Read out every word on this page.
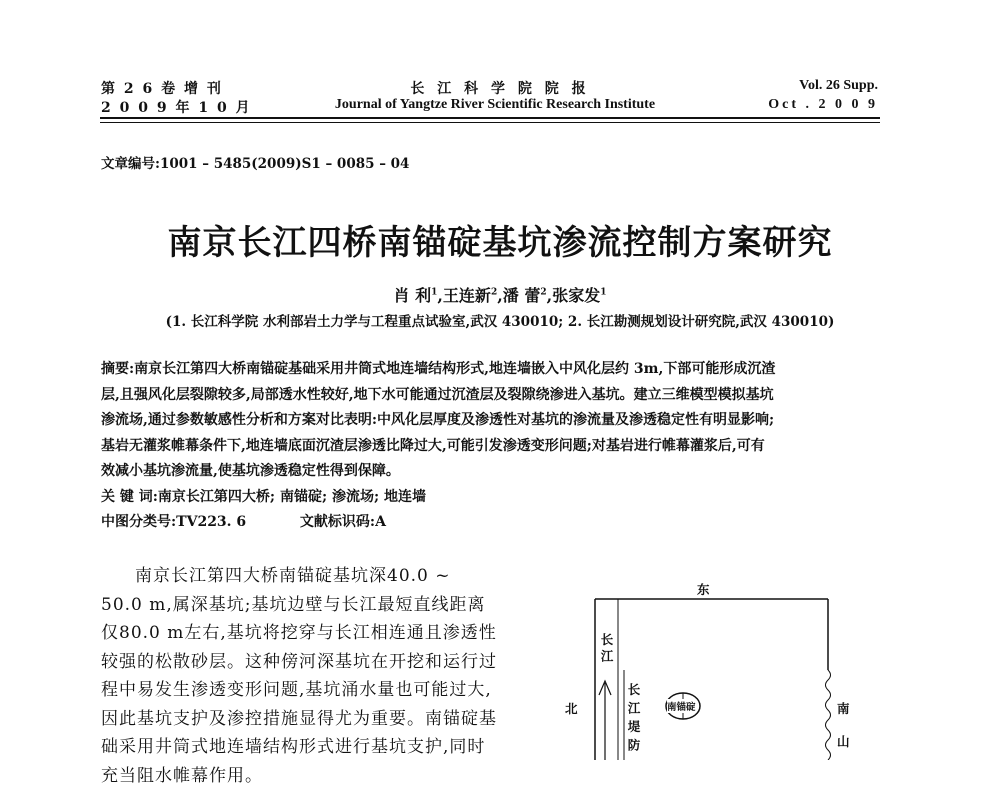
第 2 6 卷 增 刊
2 0 0 9 年 1 0 月
长 江 科 学 院 院 报
Journal of Yangtze River Scientific Research Institute
Vol. 26 Supp.
Oct . 2 0 0 9
文章编号:1001 – 5485(2009)S1 – 0085 – 04
南京长江四桥南锚碇基坑渗流控制方案研究
肖 利$^1$,王连新$^2$,潘 蕾$^2$,张家发$^1$
(1. 长江科学院 水利部岩土力学与工程重点试验室,武汉 430010; 2. 长江勘测规划设计研究院,武汉 430010)
摘要:南京长江第四大桥南锚碇基础采用井筒式地连墙结构形式,地连墙嵌入中风化层约 3m,下部可能形成沉渣
层,且强风化层裂隙较多,局部透水性较好,地下水可能通过沉渣层及裂隙绕渗进入基坑。建立三维模型模拟基坑
渗流场,通过参数敏感性分析和方案对比表明:中风化层厚度及渗透性对基坑的渗流量及渗透稳定性有明显影响;
基岩无灌浆帷幕条件下,地连墙底面沉渣层渗透比降过大,可能引发渗透变形问题;对基岩进行帷幕灌浆后,可有
效减小基坑渗流量,使基坑渗透稳定性得到保障。
关 键 词:南京长江第四大桥; 南锚碇; 渗流场; 地连墙
中图分类号:TV223. 6	文献标识码:A
南京长江第四大桥南锚碇基坑深40.0 ~
50.0 m,属深基坑;基坑边壁与长江最短直线距离
仅80.0 m左右,基坑将挖穿与长江相连通且渗透性
较强的松散砂层。这种傍河深基坑在开挖和运行过
程中易发生渗透变形问题,基坑涌水量也可能过大,
因此基坑支护及渗控措施显得尤为重要。南锚碇基
础采用井筒式地连墙结构形式进行基坑支护,同时
充当阻水帷幕作用。
东
北	南
山
长江
长江堤防	南锚碇
